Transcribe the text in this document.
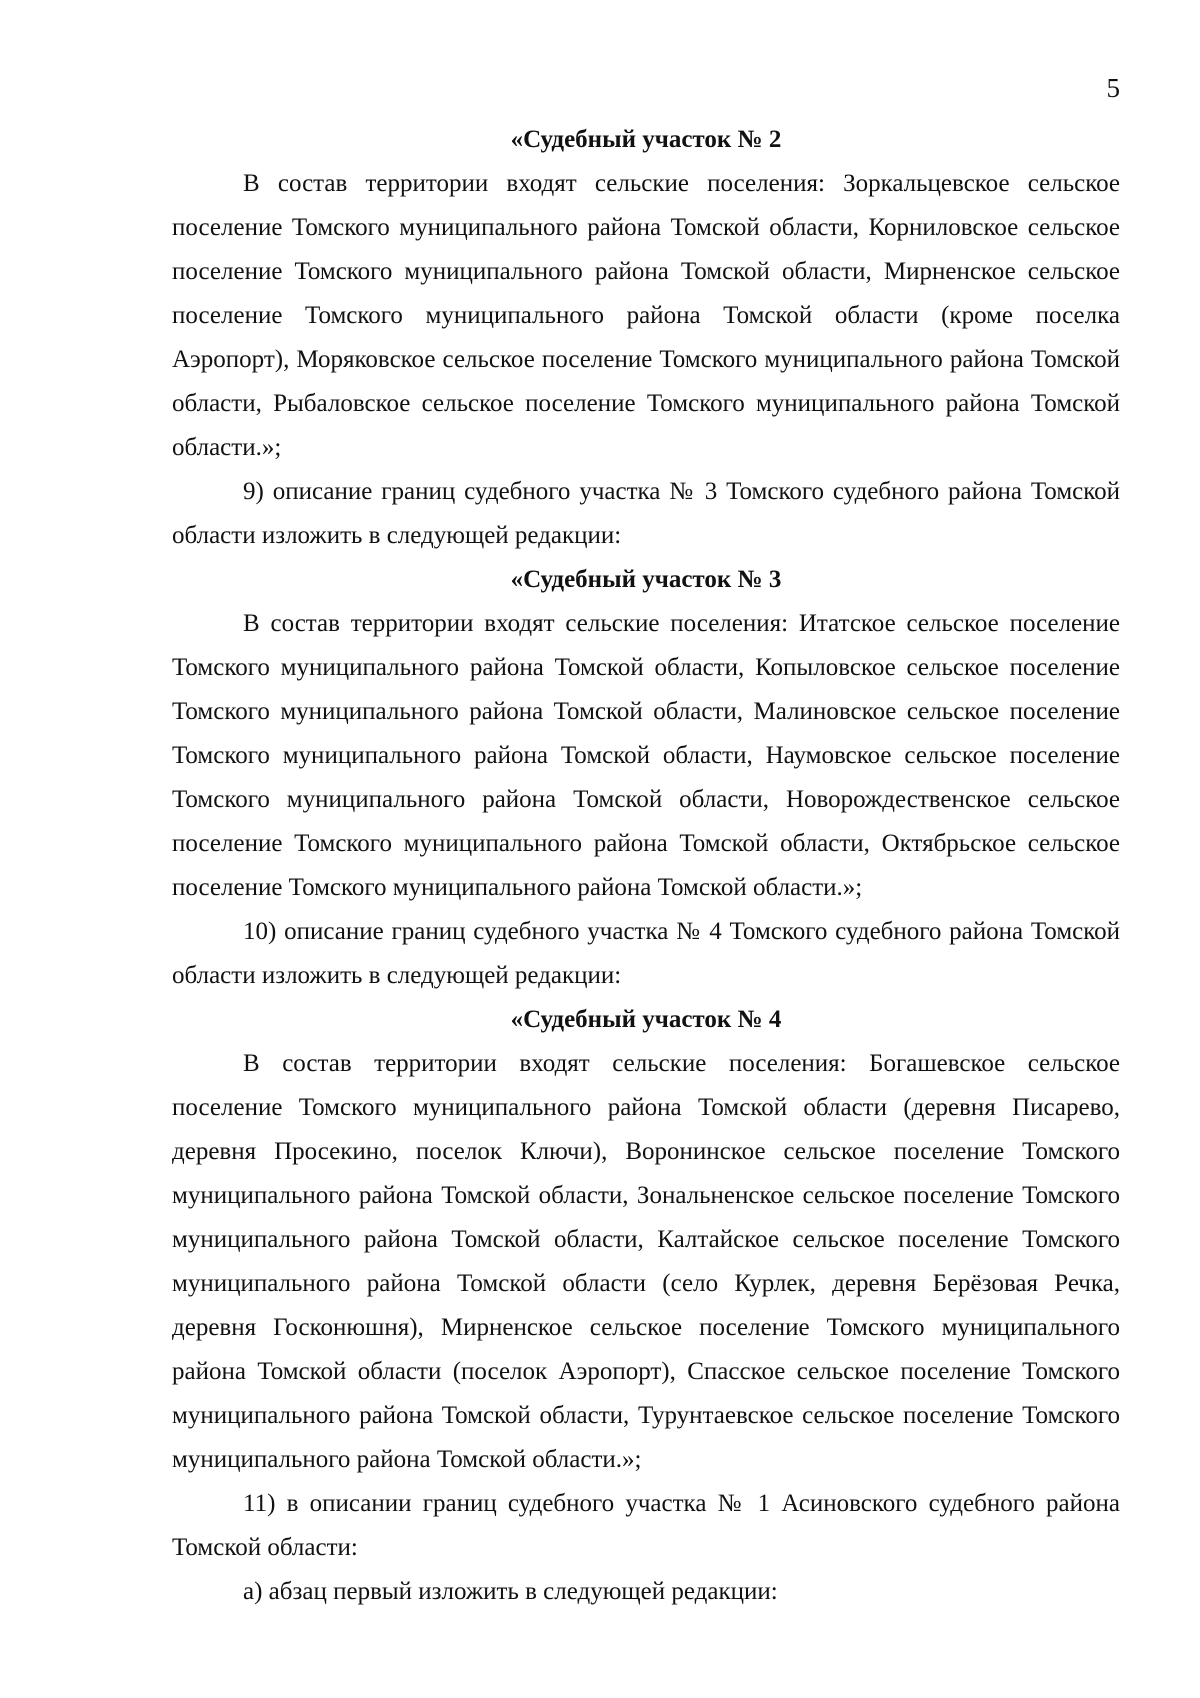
5

«Судебный участок № 2

В состав территории входят сельские поселения: Зоркальцевское сельское поселение Томского муниципального района Томской области, Корниловское сельское поселение Томского муниципального района Томской области, Мирненское сельское поселение Томского муниципального района Томской области (кроме поселка Аэропорт), Моряковское сельское поселение Томского муниципального района Томской области, Рыбаловское сельское поселение Томского муниципального района Томской области.»;

9) описание границ судебного участка № 3 Томского судебного района Томской области изложить в следующей редакции:

«Судебный участок № 3

В состав территории входят сельские поселения: Итатское сельское поселение Томского муниципального района Томской области, Копыловское сельское поселение Томского муниципального района Томской области, Малиновское сельское поселение Томского муниципального района Томской области, Наумовское сельское поселение Томского муниципального района Томской области, Новорождественское сельское поселение Томского муниципального района Томской области, Октябрьское сельское поселение Томского муниципального района Томской области.»;

10) описание границ судебного участка № 4 Томского судебного района Томской области изложить в следующей редакции:

«Судебный участок № 4

В состав территории входят сельские поселения: Богашевское сельское поселение Томского муниципального района Томской области (деревня Писарево, деревня Просекино, поселок Ключи), Воронинское сельское поселение Томского муниципального района Томской области, Зональненское сельское поселение Томского муниципального района Томской области, Калтайское сельское поселение Томского муниципального района Томской области (село Курлек, деревня Берёзовая Речка, деревня Госконюшня), Мирненское сельское поселение Томского муниципального района Томской области (поселок Аэропорт), Спасское сельское поселение Томского муниципального района Томской области, Турунтаевское сельское поселение Томского муниципального района Томской области.»;

11) в описании границ судебного участка № 1 Асиновского судебного района Томской области:

а) абзац первый изложить в следующей редакции:
